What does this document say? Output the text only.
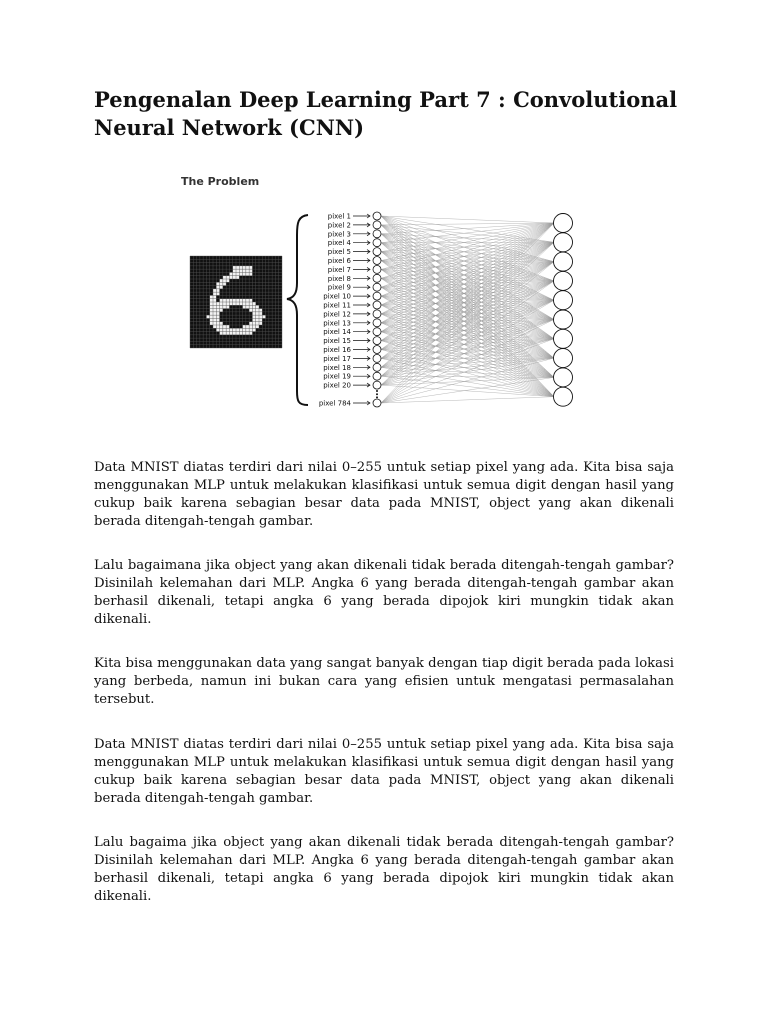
Pengenalan Deep Learning Part 7 : Convolutional Neural Network (CNN)
The Problem
pixel 1
pixel 2
pixel 3
pixel 4
pixel 5
pixel 6
pixel 7
pixel 8
pixel 9
pixel 10
pixel 11
pixel 12
pixel 13
pixel 14
pixel 15
pixel 16
pixel 17
pixel 18
pixel 19
pixel 20
pixel 784

Data MNIST diatas terdiri dari nilai 0–255 untuk setiap pixel yang ada. Kita bisa saja menggunakan MLP untuk melakukan klasifikasi untuk semua digit dengan hasil yang cukup baik karena sebagian besar data pada MNIST, object yang akan dikenali berada ditengah-tengah gambar.

Lalu bagaimana jika object yang akan dikenali tidak berada ditengah-tengah gambar? Disinilah kelemahan dari MLP. Angka 6 yang berada ditengah-tengah gambar akan berhasil dikenali, tetapi angka 6 yang berada dipojok kiri mungkin tidak akan dikenali.

Kita bisa menggunakan data yang sangat banyak dengan tiap digit berada pada lokasi yang berbeda, namun ini bukan cara yang efisien untuk mengatasi permasalahan tersebut.

Data MNIST diatas terdiri dari nilai 0–255 untuk setiap pixel yang ada. Kita bisa saja menggunakan MLP untuk melakukan klasifikasi untuk semua digit dengan hasil yang cukup baik karena sebagian besar data pada MNIST, object yang akan dikenali berada ditengah-tengah gambar.

Lalu bagaima jika object yang akan dikenali tidak berada ditengah-tengah gambar? Disinilah kelemahan dari MLP. Angka 6 yang berada ditengah-tengah gambar akan berhasil dikenali, tetapi angka 6 yang berada dipojok kiri mungkin tidak akan dikenali.
